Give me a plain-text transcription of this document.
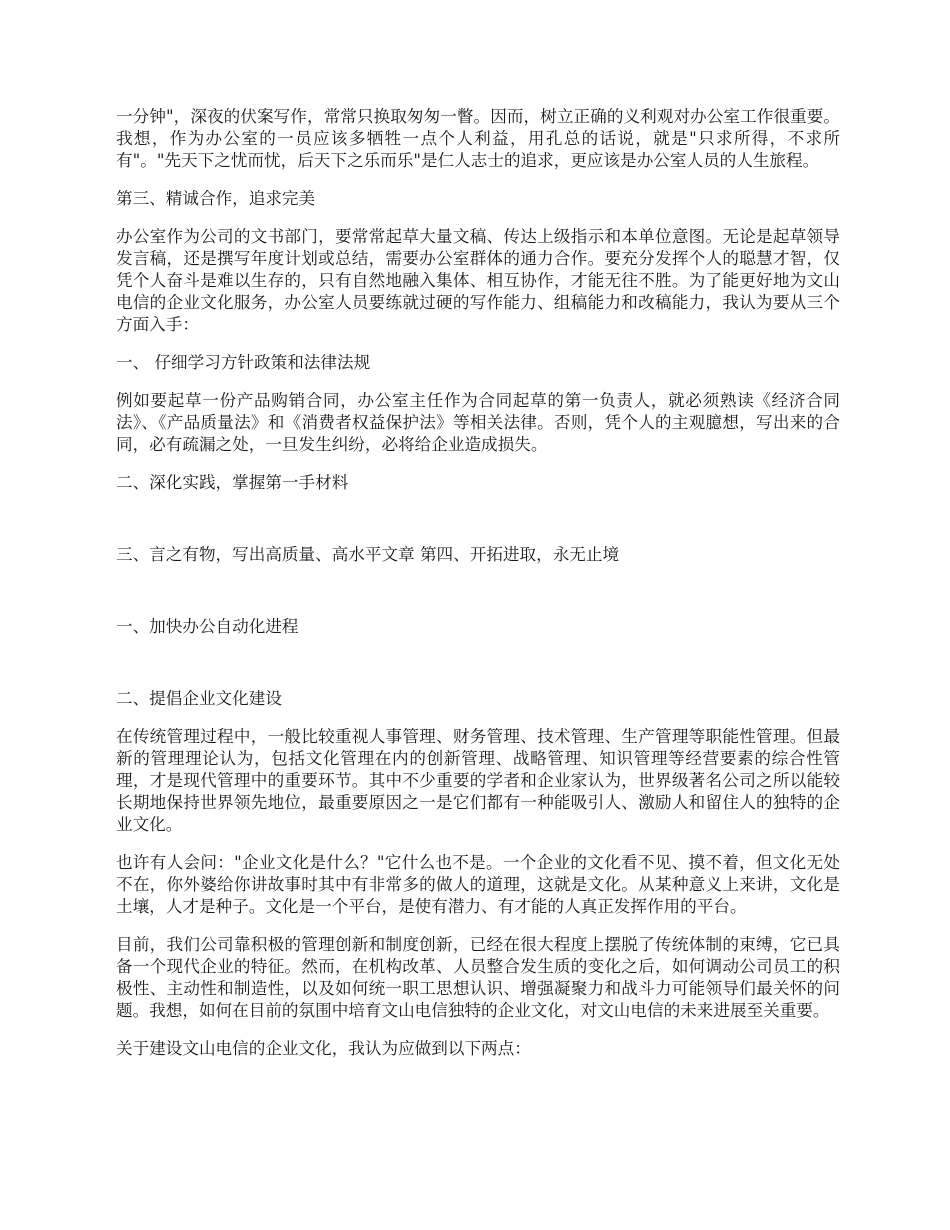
一分钟"，深夜的伏案写作，常常只换取匆匆一瞥。因而，树立正确的义利观对办公室工作很重要。我想，作为办公室的一员应该多牺牲一点个人利益，用孔总的话说，就是"只求所得，不求所有"。"先天下之忧而忧，后天下之乐而乐"是仁人志士的追求，更应该是办公室人员的人生旅程。

第三、精诚合作，追求完美

办公室作为公司的文书部门，要常常起草大量文稿、传达上级指示和本单位意图。无论是起草领导发言稿，还是撰写年度计划或总结，需要办公室群体的通力合作。要充分发挥个人的聪慧才智，仅凭个人奋斗是难以生存的，只有自然地融入集体、相互协作，才能无往不胜。为了能更好地为文山电信的企业文化服务，办公室人员要练就过硬的写作能力、组稿能力和改稿能力，我认为要从三个方面入手：

一、 仔细学习方针政策和法律法规

例如要起草一份产品购销合同，办公室主任作为合同起草的第一负责人，就必须熟读《经济合同法》、《产品质量法》和《消费者权益保护法》等相关法律。否则，凭个人的主观臆想，写出来的合同，必有疏漏之处，一旦发生纠纷，必将给企业造成损失。

二、深化实践，掌握第一手材料

三、言之有物，写出高质量、高水平文章 第四、开拓进取，永无止境

一、加快办公自动化进程

二、提倡企业文化建设

在传统管理过程中，一般比较重视人事管理、财务管理、技术管理、生产管理等职能性管理。但最新的管理理论认为，包括文化管理在内的创新管理、战略管理、知识管理等经营要素的综合性管理，才是现代管理中的重要环节。其中不少重要的学者和企业家认为，世界级著名公司之所以能较长期地保持世界领先地位，最重要原因之一是它们都有一种能吸引人、激励人和留住人的独特的企业文化。

也许有人会问："企业文化是什么？"它什么也不是。一个企业的文化看不见、摸不着，但文化无处不在，你外婆给你讲故事时其中有非常多的做人的道理，这就是文化。从某种意义上来讲，文化是土壤，人才是种子。文化是一个平台，是使有潜力、有才能的人真正发挥作用的平台。

目前，我们公司靠积极的管理创新和制度创新，已经在很大程度上摆脱了传统体制的束缚，它已具备一个现代企业的特征。然而，在机构改革、人员整合发生质的变化之后，如何调动公司员工的积极性、主动性和制造性，以及如何统一职工思想认识、增强凝聚力和战斗力可能领导们最关怀的问题。我想，如何在目前的氛围中培育文山电信独特的企业文化，对文山电信的未来进展至关重要。

关于建设文山电信的企业文化，我认为应做到以下两点：
